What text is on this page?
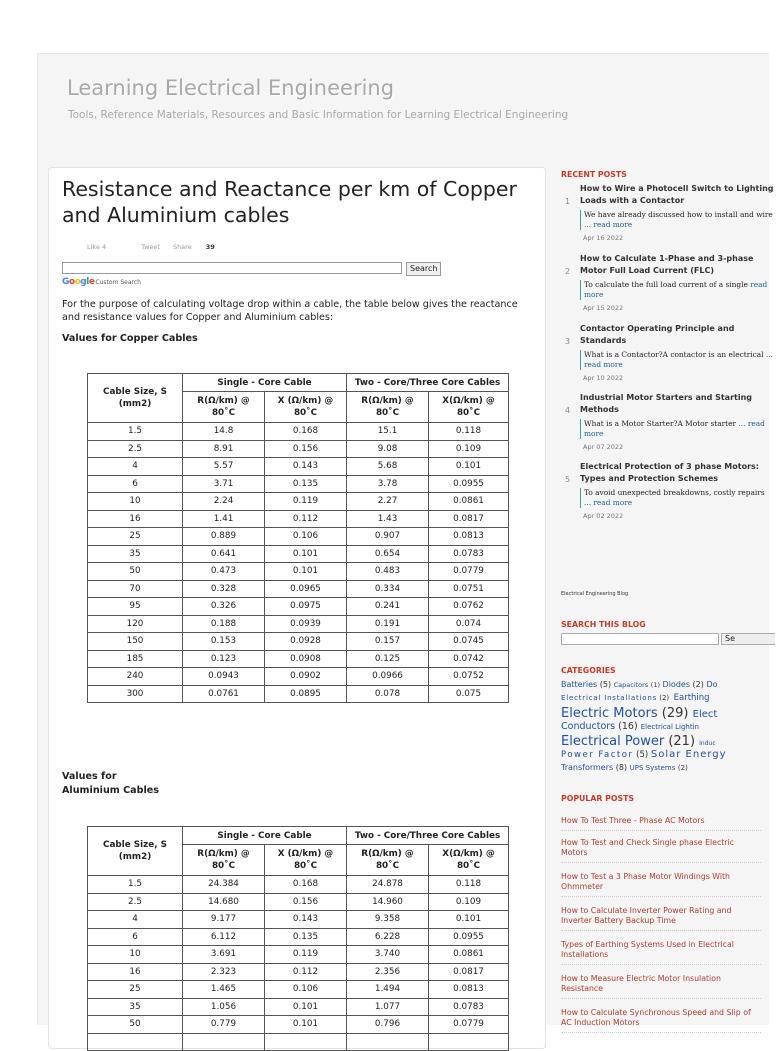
Learning Electrical Engineering
Tools, Reference Materials, Resources and Basic Information for Learning Electrical Engineering
Resistance and Reactance per km of Copper
and Aluminium cables
Like 4	Tweet Share 39
Search
GoogleCustom Search
For the purpose of calculating voltage drop within a cable, the table below gives the reactance and resistance values for Copper and Aluminium cables:
Values for Copper Cables
Cable Size, S (mm2)	Single - Core Cable		Two - Core/Three Core Cables	
	R(Ω/km) @ 80˚C	X (Ω/km) @ 80˚C	R(Ω/km) @ 80˚C	X(Ω/km) @ 80˚C
1.5	14.8	0.168	15.1	0.118
2.5	8.91	0.156	9.08	0.109
4	5.57	0.143	5.68	0.101
6	3.71	0.135	3.78	0.0955
10	2.24	0.119	2.27	0.0861
16	1.41	0.112	1.43	0.0817
25	0.889	0.106	0.907	0.0813
35	0.641	0.101	0.654	0.0783
50	0.473	0.101	0.483	0.0779
70	0.328	0.0965	0.334	0.0751
95	0.326	0.0975	0.241	0.0762
120	0.188	0.0939	0.191	0.074
150	0.153	0.0928	0.157	0.0745
185	0.123	0.0908	0.125	0.0742
240	0.0943	0.0902	0.0966	0.0752
300	0.0761	0.0895	0.078	0.075
Values for
Aluminium Cables
Cable Size, S (mm2)	Single - Core Cable		Two - Core/Three Core Cables	
	R(Ω/km) @ 80˚C	X (Ω/km) @ 80˚C	R(Ω/km) @ 80˚C	X(Ω/km) @ 80˚C
1.5	24.384	0.168	24.878	0.118
2.5	14.680	0.156	14.960	0.109
4	9.177	0.143	9.358	0.101
6	6.112	0.135	6.228	0.0955
10	3.691	0.119	3.740	0.0861
16	2.323	0.112	2.356	0.0817
25	1.465	0.106	1.494	0.0813
35	1.056	0.101	1.077	0.0783
50	0.779	0.101	0.796	0.0779

RECENT POSTS
1
How to Wire a Photocell Switch to Lighting Loads with a Contactor
We have already discussed how to install and wire ... read more
Apr 16 2022
2
How to Calculate 1-Phase and 3-phase Motor Full Load Current (FLC)
To calculate the full load current of a single read more
Apr 15 2022
3
Contactor Operating Principle and Standards
What is a Contactor?A contactor is an electrical ... read more
Apr 10 2022
4
Industrial Motor Starters and Starting Methods
What is a Motor Starter?A Motor starter ... read more
Apr 07 2022
5
Electrical Protection of 3 phase Motors: Types and Protection Schemes
To avoid unexpected breakdowns, costly repairs ... read more
Apr 02 2022
Electrical Engineering Blog
SEARCH THIS BLOG
Se
CATEGORIES
Batteries (5) Capacitors (1) Diodes (2) Do
Electrical Installations (2) Earthing
Electric Motors (29) Elect
Conductors (16) Electrical Lightin
Electrical Power (21) Induc
Power Factor (5) Solar Energy
Transformers (8) UPS Systems (2)
POPULAR POSTS
How To Test Three - Phase AC Motors
How To Test and Check Single phase Electric Motors
How to Test a 3 Phase Motor Windings With Ohmmeter
How to Calculate Inverter Power Rating and Inverter Battery Backup Time
Types of Earthing Systems Used in Electrical Installations
How to Measure Electric Motor Insulation Resistance
How to Calculate Synchronous Speed and Slip of AC Induction Motors
